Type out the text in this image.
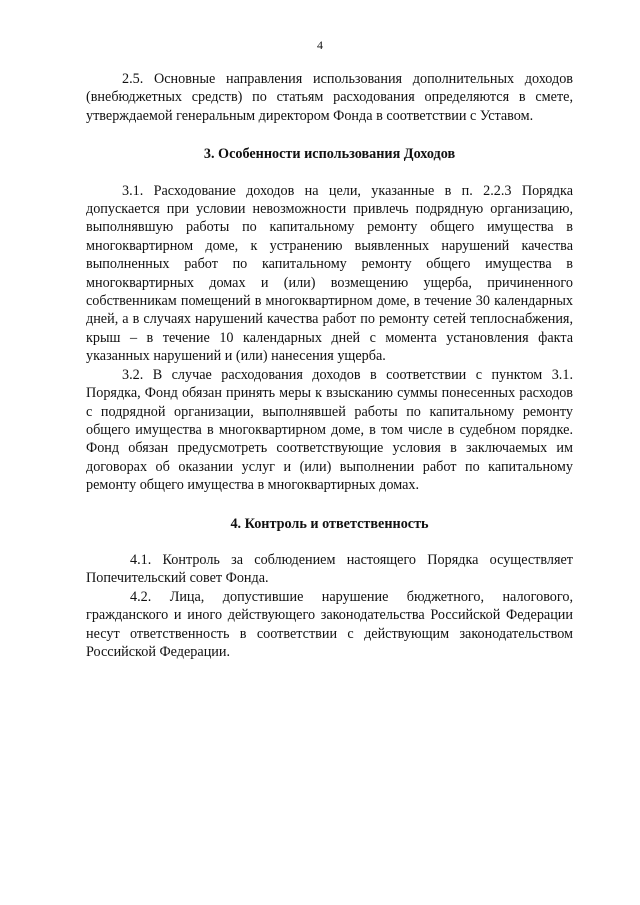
4

2.5. Основные направления использования дополнительных доходов (внебюджетных средств) по статьям расходования определяются в смете, утверждаемой генеральным директором Фонда в соответствии с Уставом.

3. Особенности использования Доходов

3.1. Расходование доходов на цели, указанные в п. 2.2.3 Порядка допускается при условии невозможности привлечь подрядную организацию, выполнявшую работы по капитальному ремонту общего имущества в многоквартирном доме, к устранению выявленных нарушений качества выполненных работ по капитальному ремонту общего имущества в многоквартирных домах и (или) возмещению ущерба, причиненного собственникам помещений в многоквартирном доме, в течение 30 календарных дней, а в случаях нарушений качества работ по ремонту сетей теплоснабжения, крыш – в течение 10 календарных дней с момента установления факта указанных нарушений и (или) нанесения ущерба.

3.2. В случае расходования доходов в соответствии с пунктом 3.1. Порядка, Фонд обязан принять меры к взысканию суммы понесенных расходов с подрядной организации, выполнявшей работы по капитальному ремонту общего имущества в многоквартирном доме, в том числе в судебном порядке. Фонд обязан предусмотреть соответствующие условия в заключаемых им договорах об оказании услуг и (или) выполнении работ по капитальному ремонту общего имущества в многоквартирных домах.

4. Контроль и ответственность

4.1. Контроль за соблюдением настоящего Порядка осуществляет Попечительский совет Фонда.

4.2. Лица, допустившие нарушение бюджетного, налогового, гражданского и иного действующего законодательства Российской Федерации несут ответственность в соответствии с действующим законодательством Российской Федерации.
